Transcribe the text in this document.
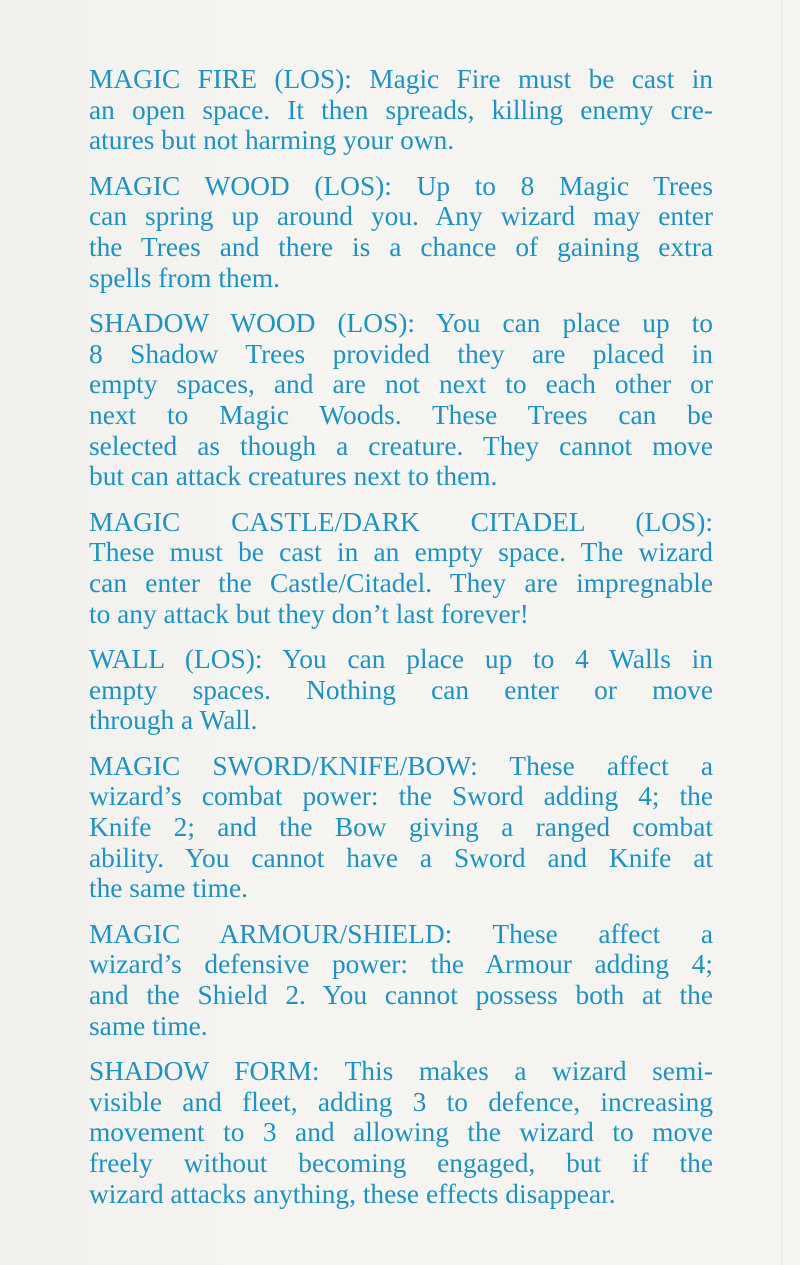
MAGIC FIRE (LOS): Magic Fire must be cast in
an open space. It then spreads, killing enemy cre-
atures but not harming your own.
MAGIC WOOD (LOS): Up to 8 Magic Trees
can spring up around you. Any wizard may enter
the Trees and there is a chance of gaining extra
spells from them.
SHADOW WOOD (LOS): You can place up to
8 Shadow Trees provided they are placed in
empty spaces, and are not next to each other or
next to Magic Woods. These Trees can be
selected as though a creature. They cannot move
but can attack creatures next to them.
MAGIC CASTLE/DARK CITADEL (LOS):
These must be cast in an empty space. The wizard
can enter the Castle/Citadel. They are impregnable
to any attack but they don’t last forever!
WALL (LOS): You can place up to 4 Walls in
empty spaces. Nothing can enter or move
through a Wall.
MAGIC SWORD/KNIFE/BOW: These affect a
wizard’s combat power: the Sword adding 4; the
Knife 2; and the Bow giving a ranged combat
ability. You cannot have a Sword and Knife at
the same time.
MAGIC ARMOUR/SHIELD: These affect a
wizard’s defensive power: the Armour adding 4;
and the Shield 2. You cannot possess both at the
same time.
SHADOW FORM: This makes a wizard semi-
visible and fleet, adding 3 to defence, increasing
movement to 3 and allowing the wizard to move
freely without becoming engaged, but if the
wizard attacks anything, these effects disappear.
